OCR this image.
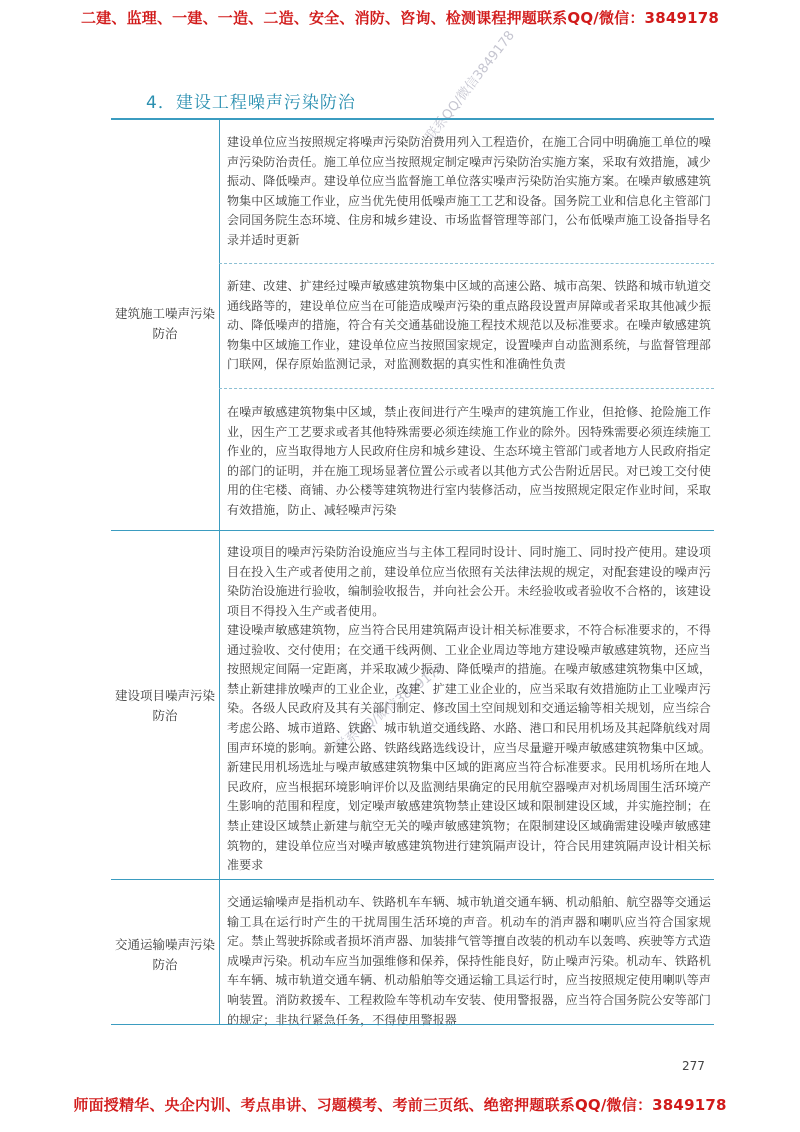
二建、监理、一建、一造、二造、安全、消防、咨询、检测课程押题联系QQ/微信：3849178
4．建设工程噪声污染防治	联系QQ/微信3849178
联系QQ/微信3849178
建筑施工噪声污染防治
建设单位应当按照规定将噪声污染防治费用列入工程造价，在施工合同中明确施工单位的噪声污染防治责任。施工单位应当按照规定制定噪声污染防治实施方案，采取有效措施，减少振动、降低噪声。建设单位应当监督施工单位落实噪声污染防治实施方案。在噪声敏感建筑物集中区域施工作业，应当优先使用低噪声施工工艺和设备。国务院工业和信息化主管部门会同国务院生态环境、住房和城乡建设、市场监督管理等部门，公布低噪声施工设备指导名录并适时更新
新建、改建、扩建经过噪声敏感建筑物集中区域的高速公路、城市高架、铁路和城市轨道交通线路等的，建设单位应当在可能造成噪声污染的重点路段设置声屏障或者采取其他减少振动、降低噪声的措施，符合有关交通基础设施工程技术规范以及标准要求。在噪声敏感建筑物集中区域施工作业，建设单位应当按照国家规定，设置噪声自动监测系统，与监督管理部门联网，保存原始监测记录，对监测数据的真实性和准确性负责
在噪声敏感建筑物集中区域，禁止夜间进行产生噪声的建筑施工作业，但抢修、抢险施工作业，因生产工艺要求或者其他特殊需要必须连续施工作业的除外。因特殊需要必须连续施工作业的，应当取得地方人民政府住房和城乡建设、生态环境主管部门或者地方人民政府指定的部门的证明，并在施工现场显著位置公示或者以其他方式公告附近居民。对已竣工交付使用的住宅楼、商铺、办公楼等建筑物进行室内装修活动，应当按照规定限定作业时间，采取有效措施，防止、减轻噪声污染
建设项目噪声污染防治
建设项目的噪声污染防治设施应当与主体工程同时设计、同时施工、同时投产使用。建设项目在投入生产或者使用之前，建设单位应当依照有关法律法规的规定，对配套建设的噪声污染防治设施进行验收，编制验收报告，并向社会公开。未经验收或者验收不合格的，该建设项目不得投入生产或者使用。
建设噪声敏感建筑物，应当符合民用建筑隔声设计相关标准要求，不符合标准要求的，不得通过验收、交付使用；在交通干线两侧、工业企业周边等地方建设噪声敏感建筑物，还应当按照规定间隔一定距离，并采取减少振动、降低噪声的措施。在噪声敏感建筑物集中区域，禁止新建排放噪声的工业企业，改建、扩建工业企业的，应当采取有效措施防止工业噪声污染。各级人民政府及其有关部门制定、修改国土空间规划和交通运输等相关规划，应当综合考虑公路、城市道路、铁路、城市轨道交通线路、水路、港口和民用机场及其起降航线对周围声环境的影响。新建公路、铁路线路选线设计，应当尽量避开噪声敏感建筑物集中区域。新建民用机场选址与噪声敏感建筑物集中区域的距离应当符合标准要求。民用机场所在地人民政府，应当根据环境影响评价以及监测结果确定的民用航空器噪声对机场周围生活环境产生影响的范围和程度，划定噪声敏感建筑物禁止建设区域和限制建设区域，并实施控制；在禁止建设区域禁止新建与航空无关的噪声敏感建筑物；在限制建设区域确需建设噪声敏感建筑物的，建设单位应当对噪声敏感建筑物进行建筑隔声设计，符合民用建筑隔声设计相关标准要求
交通运输噪声污染防治
交通运输噪声是指机动车、铁路机车车辆、城市轨道交通车辆、机动船舶、航空器等交通运输工具在运行时产生的干扰周围生活环境的声音。机动车的消声器和喇叭应当符合国家规定。禁止驾驶拆除或者损坏消声器、加装排气管等擅自改装的机动车以轰鸣、疾驶等方式造成噪声污染。机动车应当加强维修和保养，保持性能良好，防止噪声污染。机动车、铁路机车车辆、城市轨道交通车辆、机动船舶等交通运输工具运行时，应当按照规定使用喇叭等声响装置。消防救援车、工程救险车等机动车安装、使用警报器，应当符合国务院公安等部门的规定；非执行紧急任务，不得使用警报器
277
师面授精华、央企内训、考点串讲、习题模考、考前三页纸、绝密押题联系QQ/微信：3849178
